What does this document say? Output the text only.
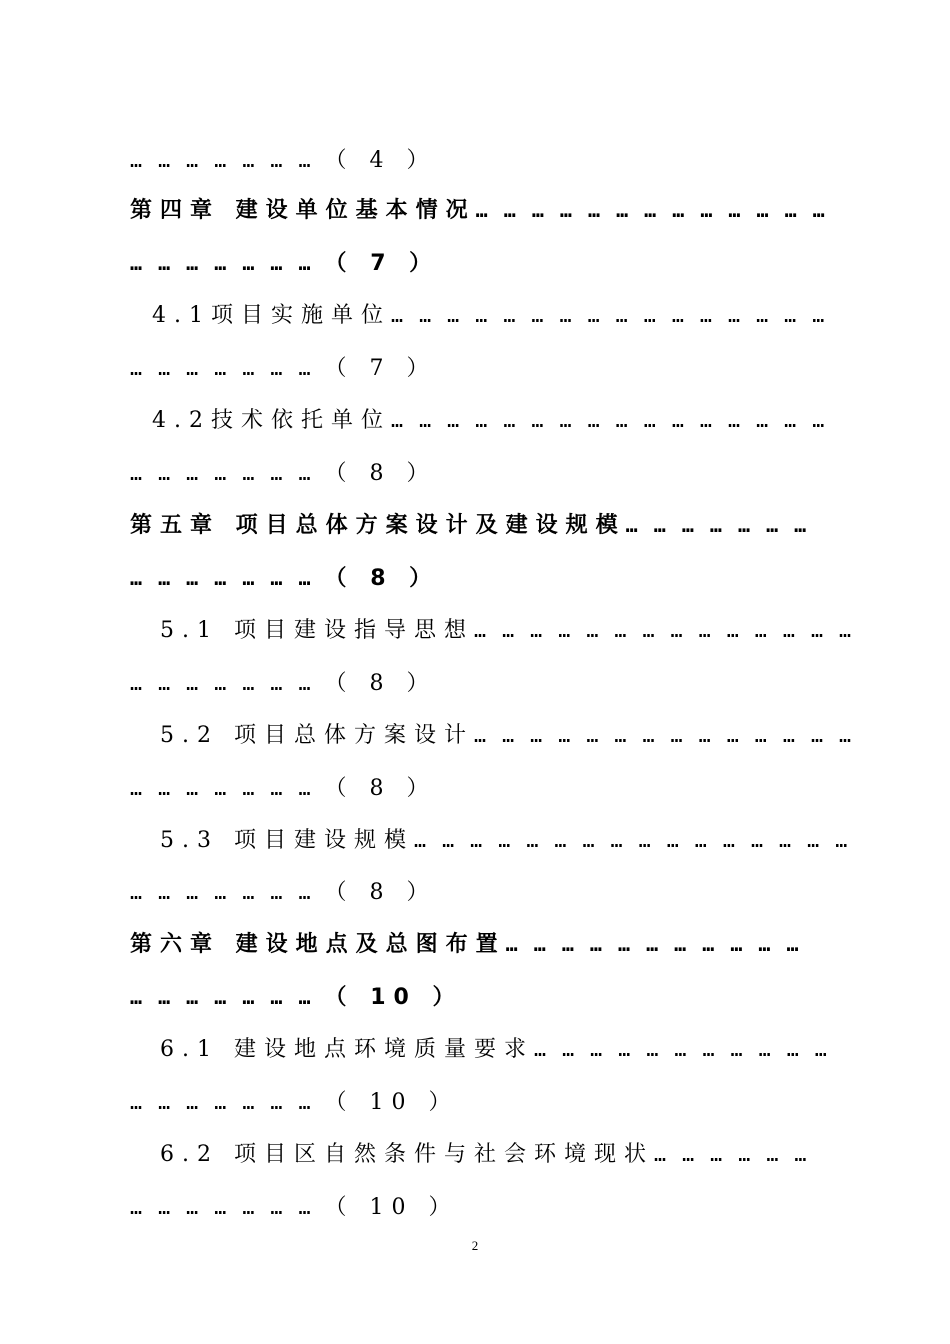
… … … … … … … （ 4 ）
第四章 建设单位基本情况… … … … … … … … … … … … …
… … … … … … … （ 7 ）
4.1项目实施单位… … … … … … … … … … … … … … … …
… … … … … … … （ 7 ）
4.2技术依托单位… … … … … … … … … … … … … … … …
… … … … … … … （ 8 ）
第五章 项目总体方案设计及建设规模… … … … … … …
… … … … … … … （ 8 ）
5.1 项目建设指导思想… … … … … … … … … … … … … …
… … … … … … … （ 8 ）
5.2 项目总体方案设计… … … … … … … … … … … … … …
… … … … … … … （ 8 ）
5.3 项目建设规模… … … … … … … … … … … … … … … …
… … … … … … … （ 8 ）
第六章 建设地点及总图布置… … … … … … … … … … …
… … … … … … … （ 10 ）
6.1 建设地点环境质量要求… … … … … … … … … … …
… … … … … … … （ 10 ）
6.2 项目区自然条件与社会环境现状… … … … … …
… … … … … … … （ 10 ）
2
